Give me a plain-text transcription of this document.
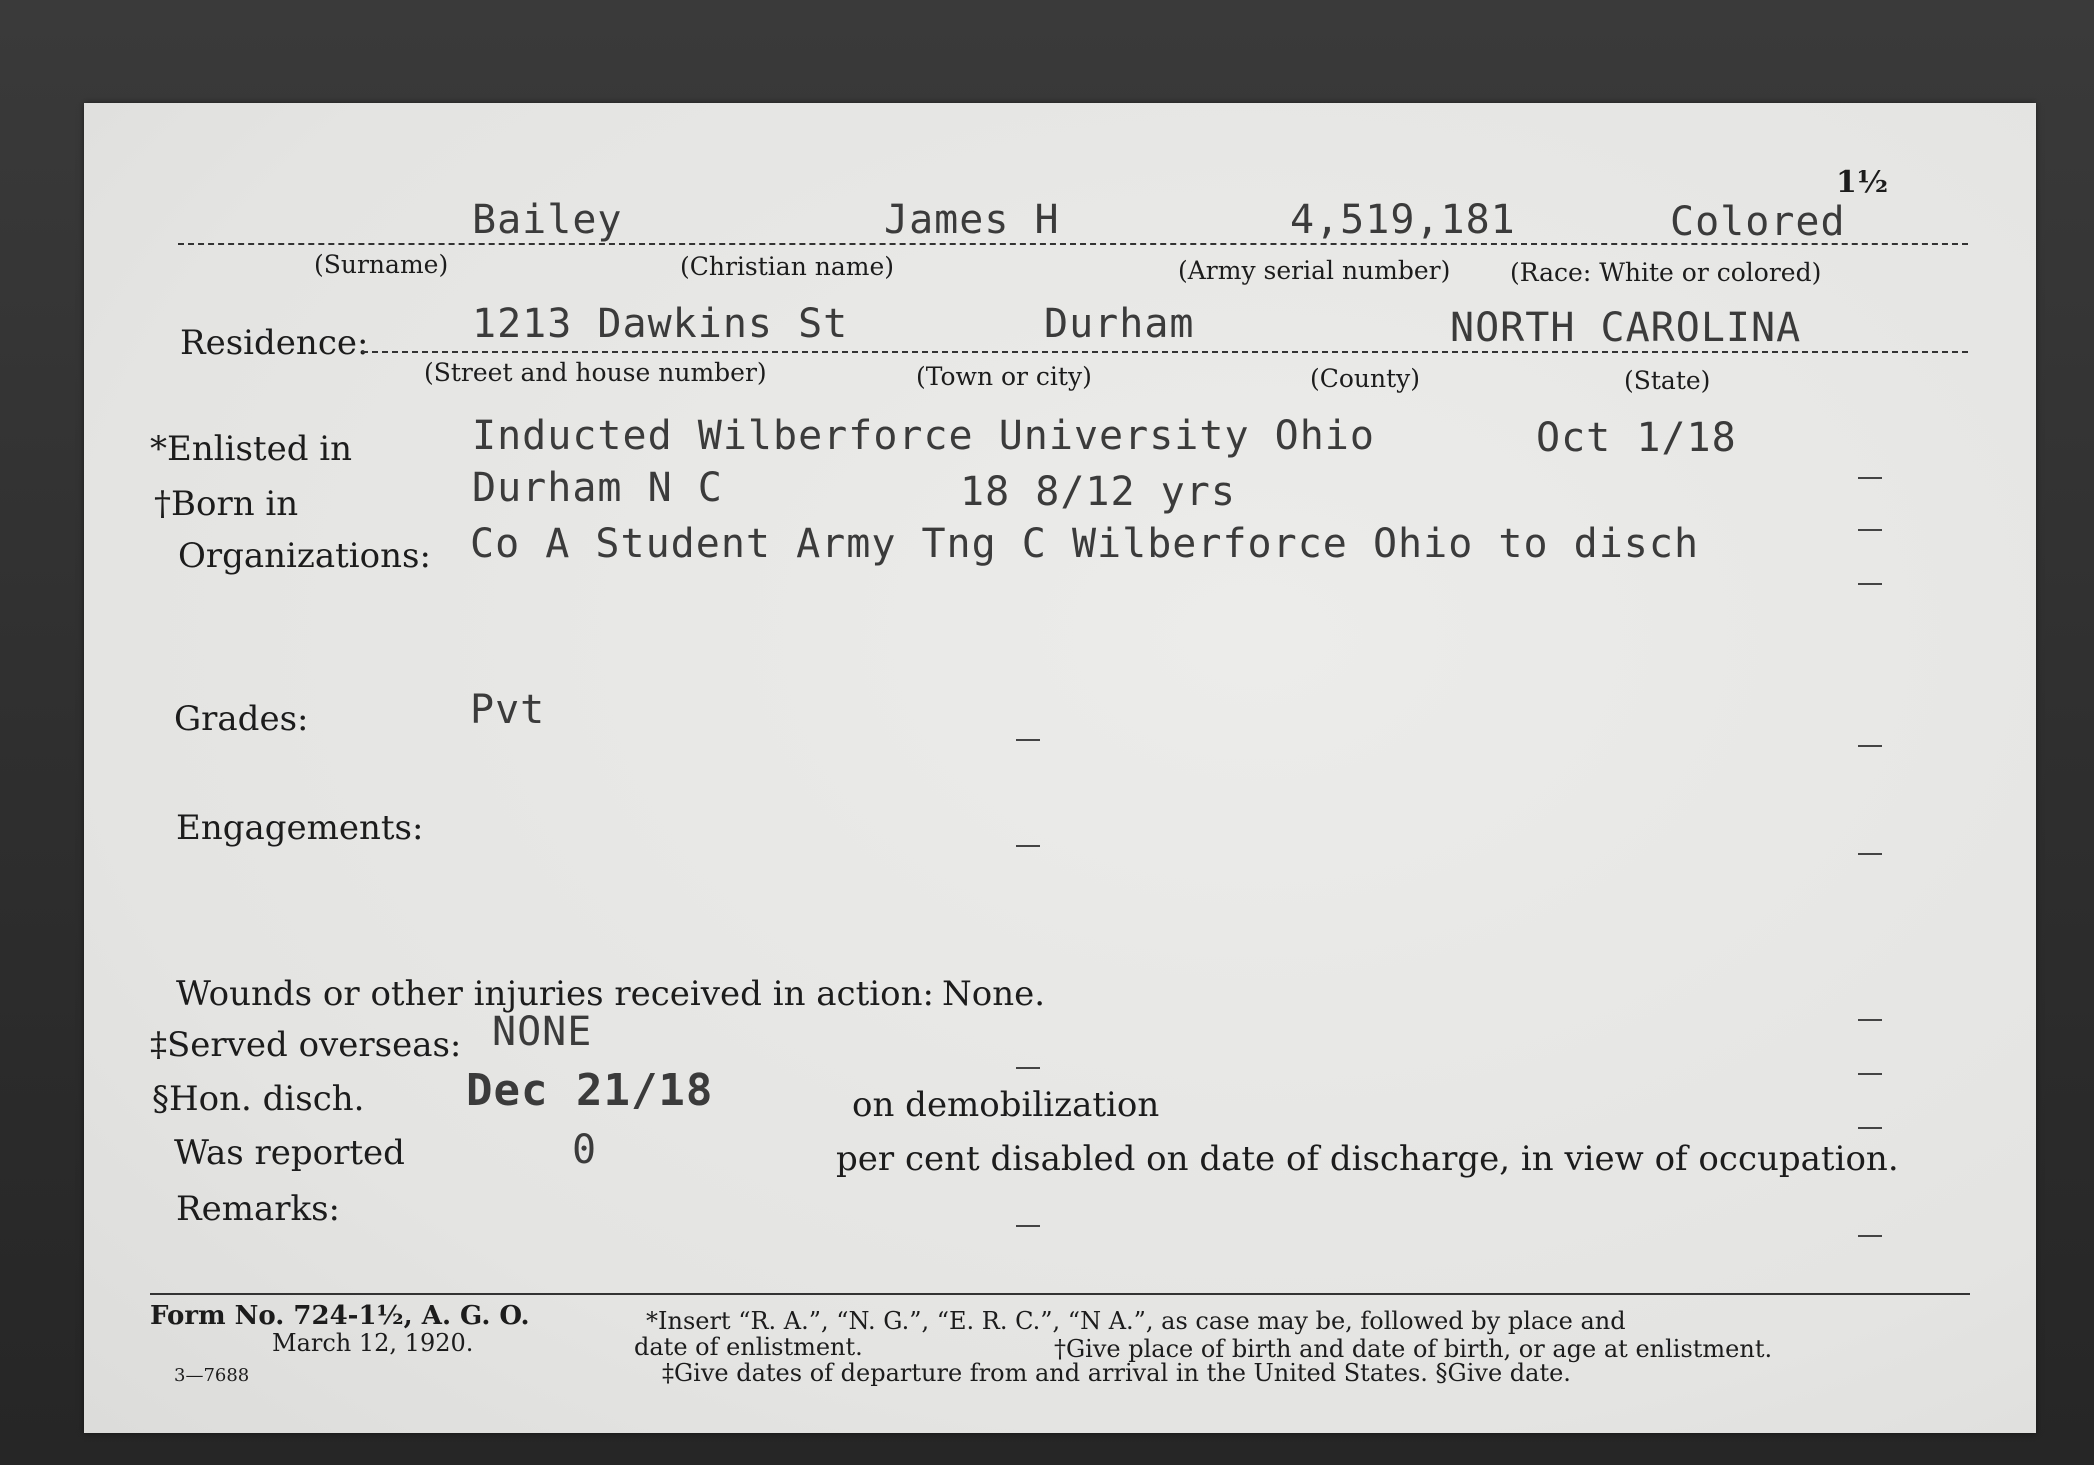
1½
Bailey	James H	4,519,181	Colored
(Surname)	(Christian name)	(Army serial number) (Race: White or colored)
Residence:	1213 Dawkins St	Durham	NORTH CAROLINA
(Street and house number)	(Town or city)	(County)	(State)
*Enlisted in	Inducted Wilberforce University Ohio	Oct 1/18
†Born in	Durham N C	18 8/12 yrs
Organizations: Co A Student Army Tng C Wilberforce Ohio to disch
Grades:	Pvt
Engagements:
Wounds or other injuries received in action: None.
‡Served overseas: NONE
§Hon. disch. Dec 21/18	on demobilization
Was reported	0	per cent disabled on date of discharge, in view of occupation.
Remarks:
Form No. 724-1½, A. G. O.
March 12, 1920.
3—7688
*Insert “R. A.”, “N. G.”, “E. R. C.”, “N A.”, as case may be, followed by place and
date of enlistment.	†Give place of birth and date of birth, or age at enlistment.
‡Give dates of departure from and arrival in the United States. §Give date.
